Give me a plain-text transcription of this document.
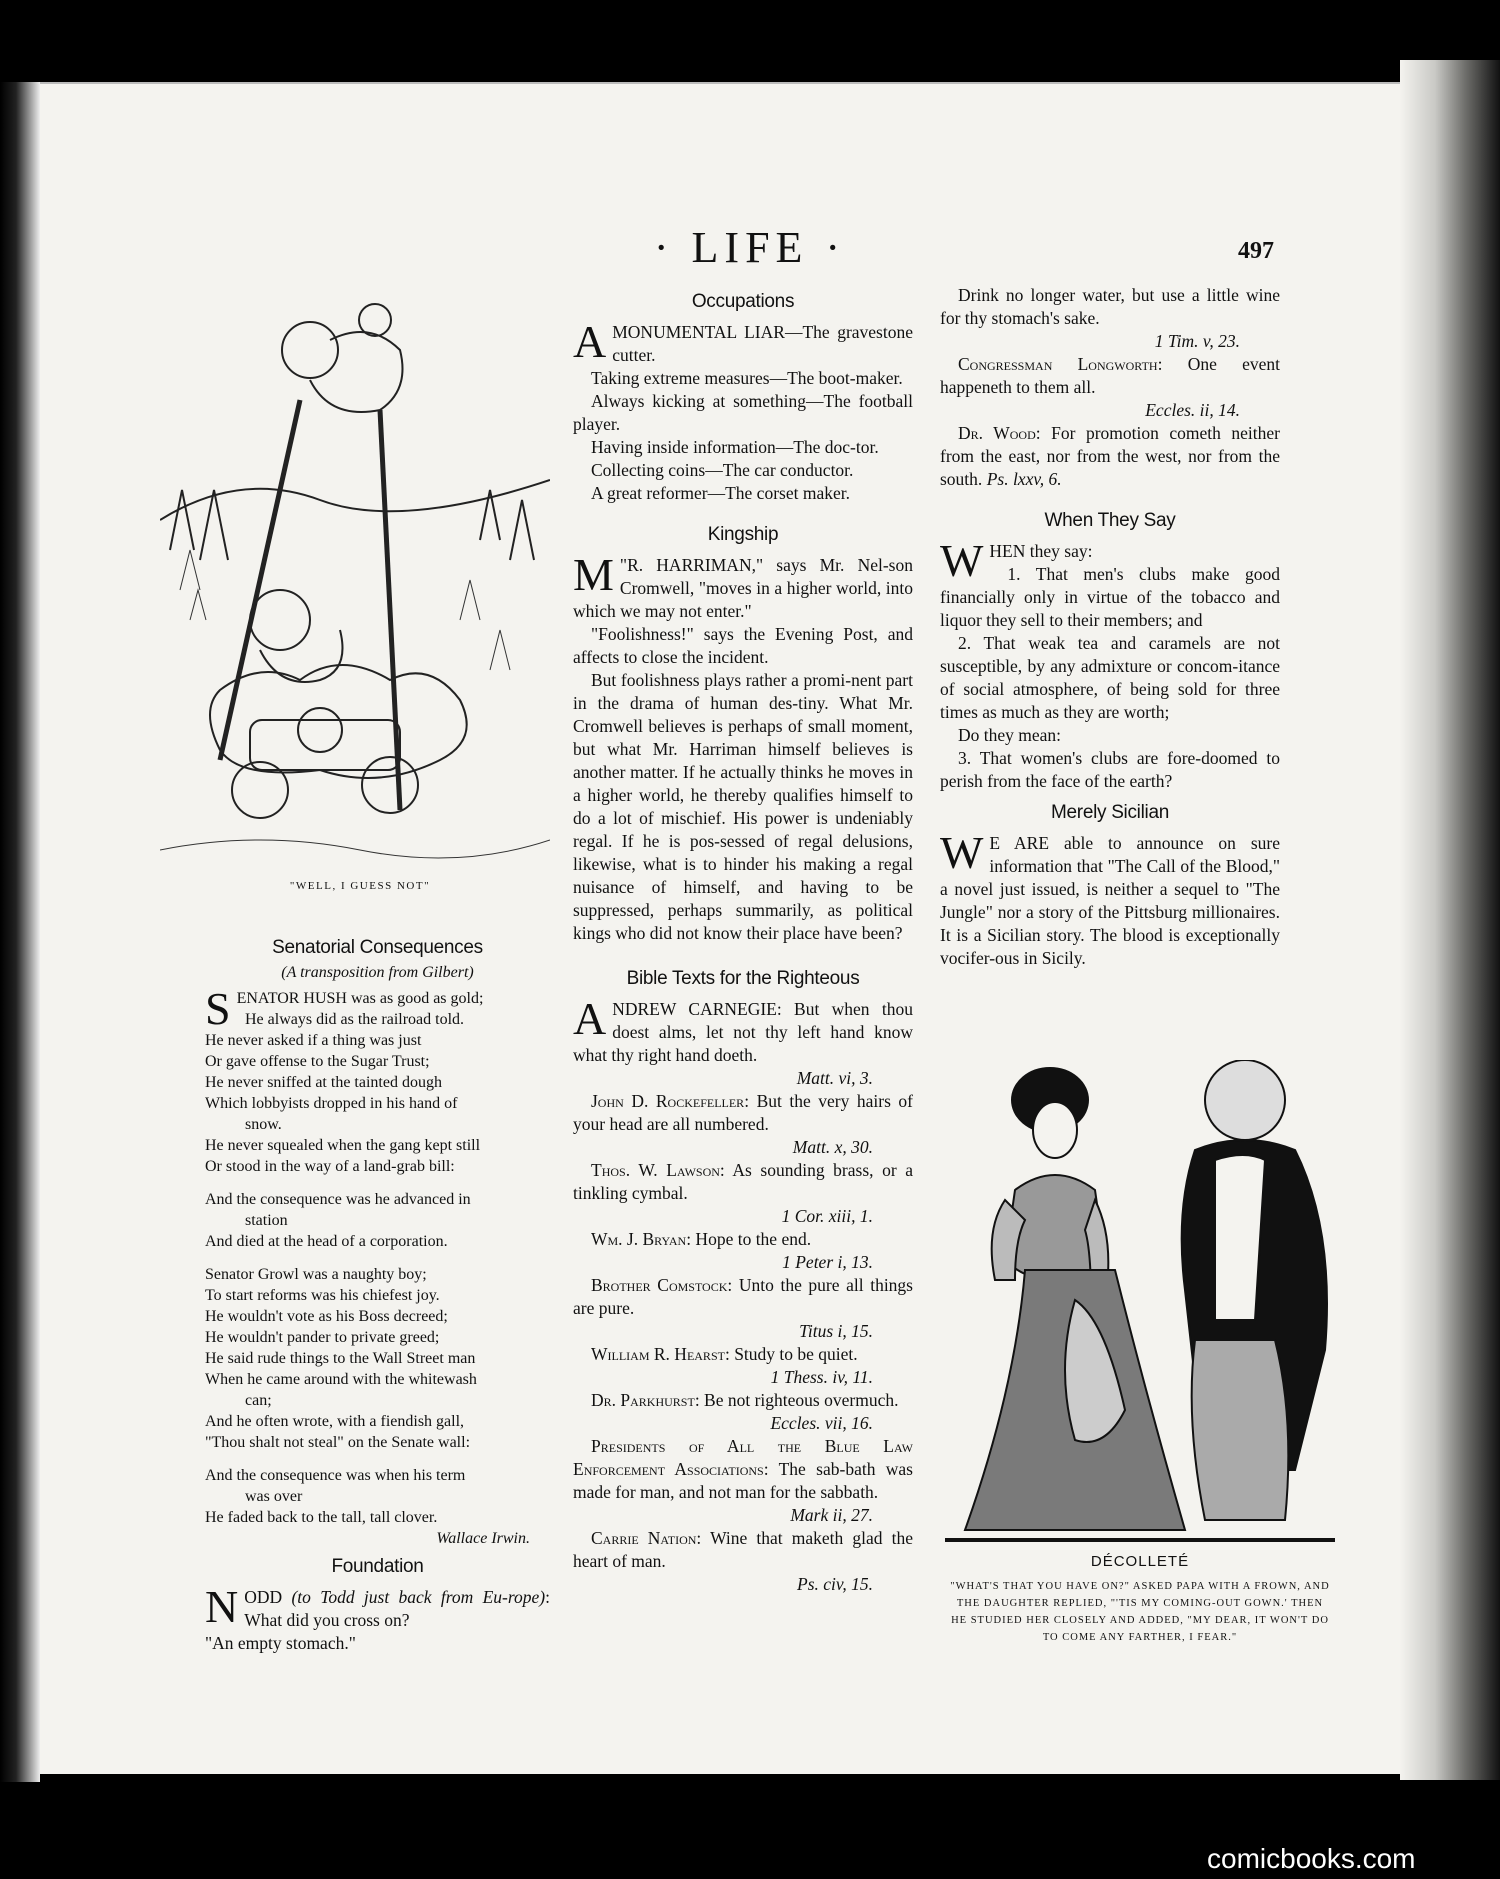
· LIFE ·	497
"WELL, I GUESS NOT"
Senatorial Consequences
(A transposition from Gilbert)
S ENATOR HUSH was as good as gold;
He always did as the railroad told.
He never asked if a thing was just
Or gave offense to the Sugar Trust;
He never sniffed at the tainted dough
Which lobbyists dropped in his hand of
snow.
He never squealed when the gang kept still
Or stood in the way of a land-grab bill:
And the consequence was he advanced in
station
And died at the head of a corporation.
Senator Growl was a naughty boy;
To start reforms was his chiefest joy.
He wouldn't vote as his Boss decreed;
He wouldn't pander to private greed;
He said rude things to the Wall Street man
When he came around with the whitewash
can;
And he often wrote, with a fiendish gall,
"Thou shalt not steal" on the Senate wall:
And the consequence was when his term
was over
He faded back to the tall, tall clover.
Wallace Irwin.
Foundation
N ODD (to Todd just back from Eu-rope): What did you cross on?
"An empty stomach."
Occupations
A MONUMENTAL LIAR—The gravestone cutter.

Taking extreme measures—The boot-maker.

Always kicking at something—The football player.

Having inside information—The doc-tor.

Collecting coins—The car conductor.

A great reformer—The corset maker.

Kingship

M "R. HARRIMAN," says Mr. Nel-son Cromwell, "moves in a higher world, into which we may not enter."

"Foolishness!" says the Evening Post, and affects to close the incident.

But foolishness plays rather a promi-nent part in the drama of human des-tiny. What Mr. Cromwell believes is perhaps of small moment, but what Mr. Harriman himself believes is another matter. If he actually thinks he moves in a higher world, he thereby qualifies himself to do a lot of mischief. His power is undeniably regal. If he is pos-sessed of regal delusions, likewise, what is to hinder his making a regal nuisance of himself, and having to be suppressed, perhaps summarily, as political kings who did not know their place have been?

Bible Texts for the Righteous

ANDREW CARNEGIE: But when thou doest alms, let not thy left hand know what thy right hand doeth.

Matt. vi, 3.

John D. Rockefeller: But the very hairs of your head are all numbered.

Matt. x, 30.

Thos. W. Lawson: As sounding brass, or a tinkling cymbal.

1 Cor. xiii, 1.

Wm. J. Bryan: Hope to the end.

1 Peter i, 13.

Brother Comstock: Unto the pure all things are pure.

Titus i, 15.

William R. Hearst: Study to be quiet.

1 Thess. iv, 11.

Dr. Parkhurst: Be not righteous overmuch.

Eccles. vii, 16.

Presidents of All the Blue Law Enforcement Associations: The sab-bath was made for man, and not man for the sabbath.

Mark ii, 27.

Carrie Nation: Wine that maketh glad the heart of man.

Ps. civ, 15.

Drink no longer water, but use a little wine for thy stomach's sake.

1 Tim. v, 23.

Congressman Longworth: One event happeneth to them all.

Eccles. ii, 14.

Dr. Wood: For promotion cometh neither from the east, nor from the west, nor from the south. Ps. lxxv, 6.

When They Say
W HEN they say:

1. That men's clubs make good financially only in virtue of the tobacco and liquor they sell to their members; and

2. That weak tea and caramels are not susceptible, by any admixture or concom-itance of social atmosphere, of being sold for three times as much as they are worth;

Do they mean:

3. That women's clubs are fore-doomed to perish from the face of the earth?

Merely Sicilian
W E ARE able to announce on sure information that "The Call of the Blood," a novel just issued, is neither a sequel to "The Jungle" nor a story of the Pittsburg millionaires. It is a Sicilian story. The blood is exceptionally vocifer-ous in Sicily.
DÉCOLLETÉ
"WHAT'S THAT YOU HAVE ON?" ASKED PAPA WITH A FROWN, AND THE DAUGHTER REPLIED, "'TIS MY COMING-OUT GOWN.' THEN HE STUDIED HER CLOSELY AND ADDED, "MY DEAR, IT WON'T DO TO COME ANY FARTHER, I FEAR."
comicbooks.com
